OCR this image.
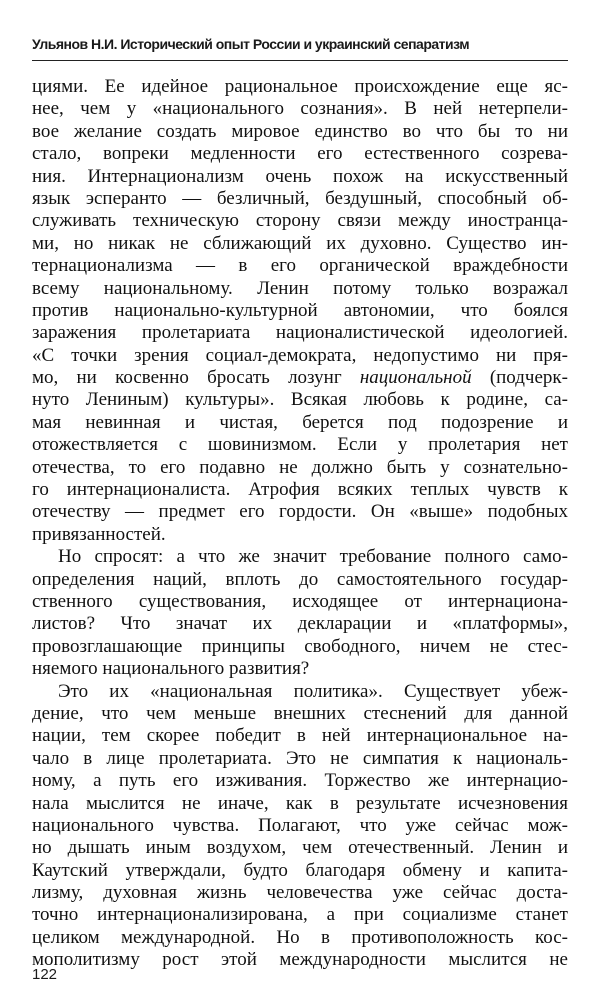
Ульянов Н.И. Исторический опыт России и украинский сепаратизм

циями. Ее идейное рациональное происхождение еще яс-
нее, чем у «национального сознания». В ней нетерпели-
вое желание создать мировое единство во что бы то ни
стало, вопреки медленности его естественного созрева-
ния. Интернационализм очень похож на искусственный
язык эсперанто — безличный, бездушный, способный об-
служивать техническую сторону связи между иностранца-
ми, но никак не сближающий их духовно. Существо ин-
тернационализма — в его органической враждебности
всему национальному. Ленин потому только возражал
против национально-культурной автономии, что боялся
заражения пролетариата националистической идеологией.
«С точки зрения социал-демократа, недопустимо ни пря-
мо, ни косвенно бросать лозунг национальной (подчерк-
нуто Лениным) культуры». Всякая любовь к родине, са-
мая невинная и чистая, берется под подозрение и
отожествляется с шовинизмом. Если у пролетария нет
отечества, то его подавно не должно быть у сознательно-
го интернационалиста. Атрофия всяких теплых чувств к
отечеству — предмет его гордости. Он «выше» подобных
привязанностей.

Но спросят: а что же значит требование полного само-
определения наций, вплоть до самостоятельного государ-
ственного существования, исходящее от интернациона-
листов? Что значат их декларации и «платформы»,
провозглашающие принципы свободного, ничем не стес-
няемого национального развития?

Это их «национальная политика». Существует убеж-
дение, что чем меньше внешних стеснений для данной
нации, тем скорее победит в ней интернациональное на-
чало в лице пролетариата. Это не симпатия к националь-
ному, а путь его изживания. Торжество же интернацио-
нала мыслится не иначе, как в результате исчезновения
национального чувства. Полагают, что уже сейчас мож-
но дышать иным воздухом, чем отечественный. Ленин и
Каутский утверждали, будто благодаря обмену и капита-
лизму, духовная жизнь человечества уже сейчас доста-
точно интернационализирована, а при социализме станет
целиком международной. Но в противоположность кос-
мополитизму рост этой международности мыслится не

122
